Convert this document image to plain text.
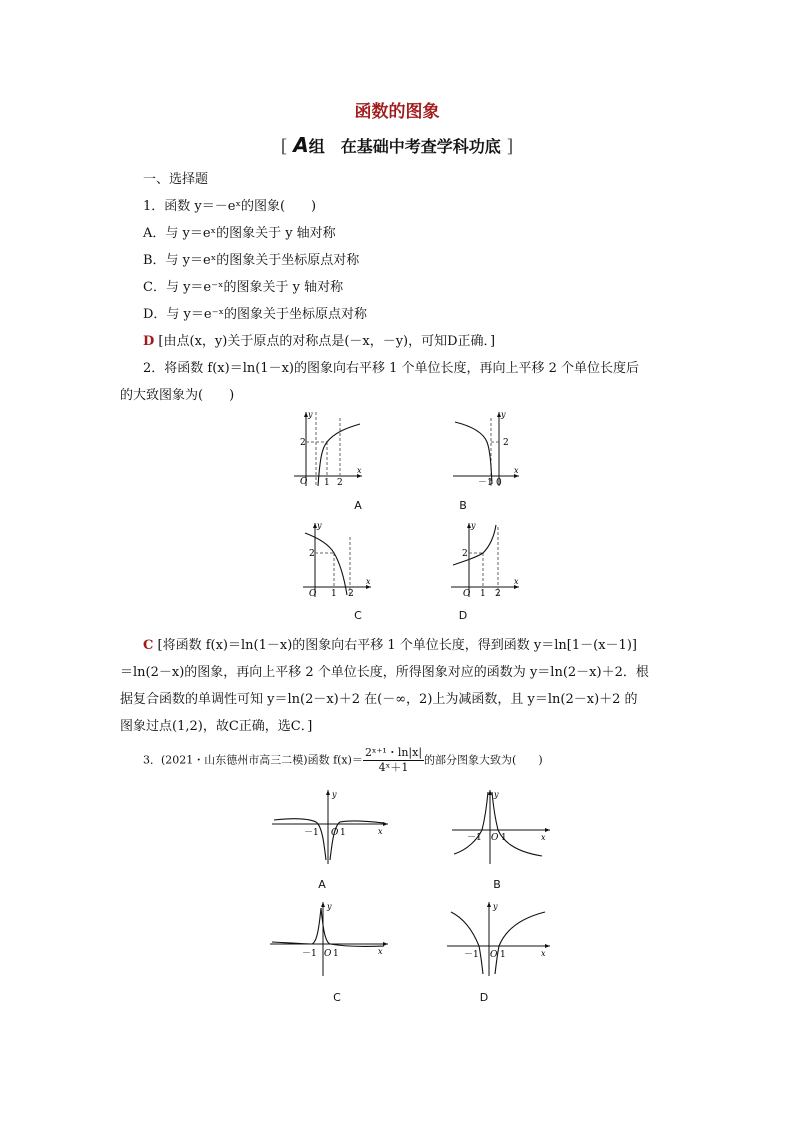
函数的图象
[ A组　在基础中考查学科功底 ]
一、选择题
1．函数 y＝－eˣ的图象(　　)
A．与 y＝eˣ的图象关于 y 轴对称
B．与 y＝eˣ的图象关于坐标原点对称
C．与 y＝e⁻ˣ的图象关于 y 轴对称
D．与 y＝e⁻ˣ的图象关于坐标原点对称
D [由点(x，y)关于原点的对称点是(－x，－y)，可知D正确．]
2．将函数 f(x)＝ln(1－x)的图象向右平移 1 个单位长度，再向上平移 2 个单位长度后
的大致图象为(　　)
O 1 2
2
x
y
A
2
－1 0
x
y
B
O 1 2
2
x
y
C
O 1 2
2
x
y
D
C [将函数 f(x)＝ln(1－x)的图象向右平移 1 个单位长度，得到函数 y＝ln[1－(x－1)]
＝ln(2－x)的图象，再向上平移 2 个单位长度，所得图象对应的函数为 y＝ln(2－x)＋2．根
据复合函数的单调性可知 y＝ln(2－x)＋2 在(－∞，2)上为减函数，且 y＝ln(2－x)＋2 的
图象过点(1,2)，故C正确，选C．]
3．(2021・山东德州市高三二模)函数 $f(x)= \frac{\text{2ˣ⁺¹・ln|x|}}{\text{4ˣ＋1}}$ 的部分图象大致为(　　)
－1 O 1	x
y
A
－1 O 1	x
y
B
－1 O 1	x
y
C
－1 O 1	x
y
D
